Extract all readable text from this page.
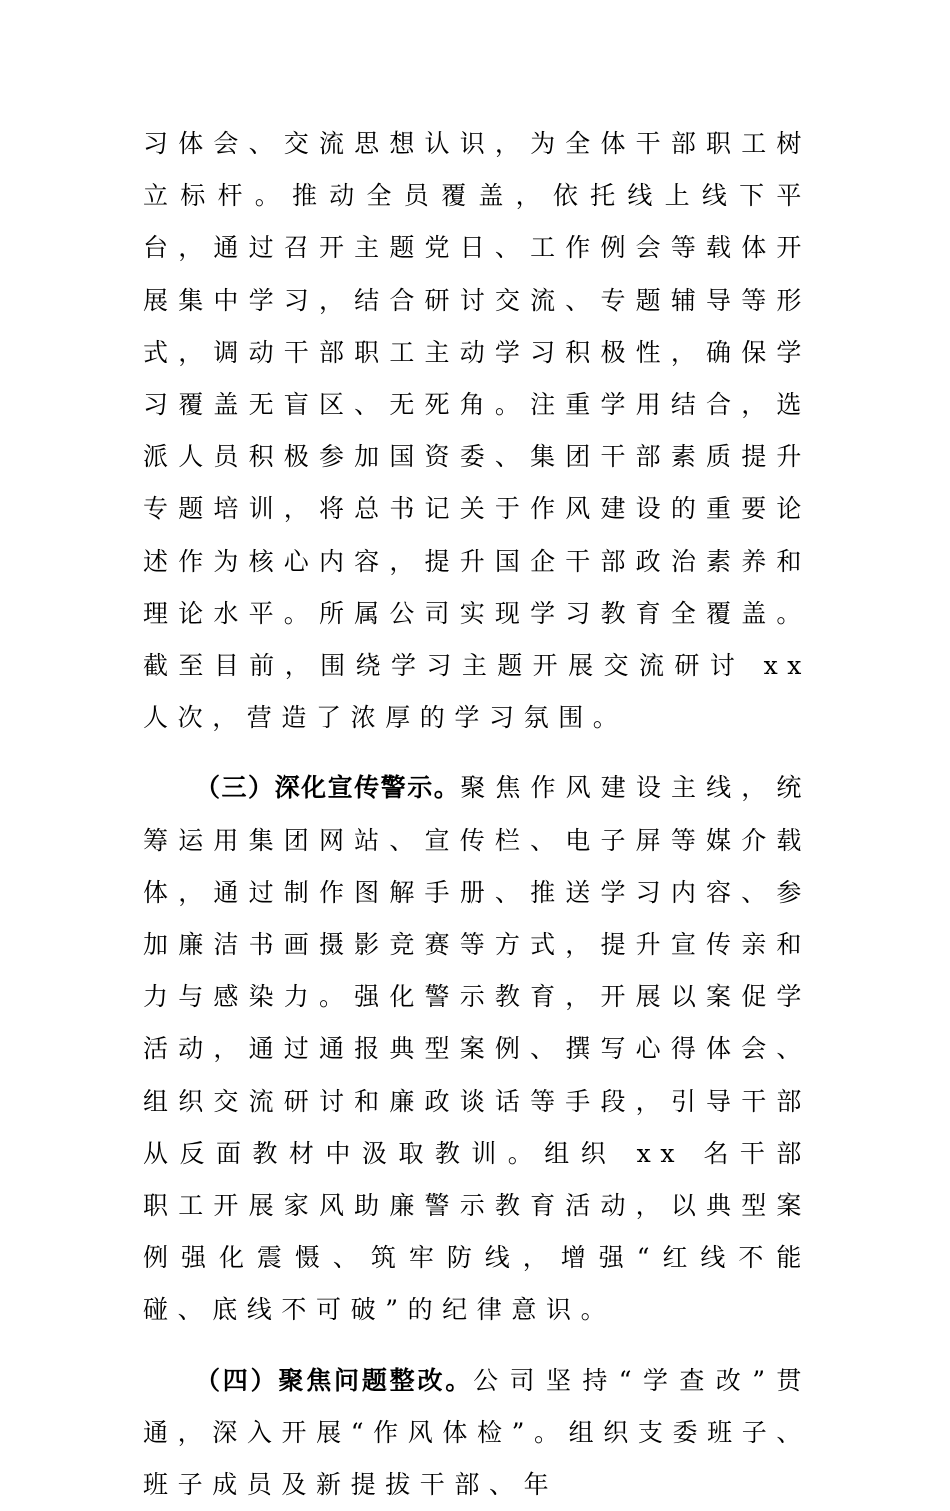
习体会、交流思想认识，为全体干部职工树立标杆。推动全员覆盖，依托线上线下平台，通过召开主题党日、工作例会等载体开展集中学习，结合研讨交流、专题辅导等形式，调动干部职工主动学习积极性，确保学习覆盖无盲区、无死角。注重学用结合，选派人员积极参加国资委、集团干部素质提升专题培训，将总书记关于作风建设的重要论述作为核心内容，提升国企干部政治素养和理论水平。所属公司实现学习教育全覆盖。截至目前，围绕学习主题开展交流研讨 xx 人次，营造了浓厚的学习氛围。

（三）深化宣传警示。聚焦作风建设主线，统筹运用集团网站、宣传栏、电子屏等媒介载体，通过制作图解手册、推送学习内容、参加廉洁书画摄影竞赛等方式，提升宣传亲和力与感染力。强化警示教育，开展以案促学活动，通过通报典型案例、撰写心得体会、组织交流研讨和廉政谈话等手段，引导干部从反面教材中汲取教训。组织 xx 名干部职工开展家风助廉警示教育活动，以典型案例强化震慑、筑牢防线，增强“红线不能碰、底线不可破”的纪律意识。

（四）聚焦问题整改。公司坚持“学查改”贯通，深入开展“作风体检”。组织支委班子、班子成员及新提拔干部、年
